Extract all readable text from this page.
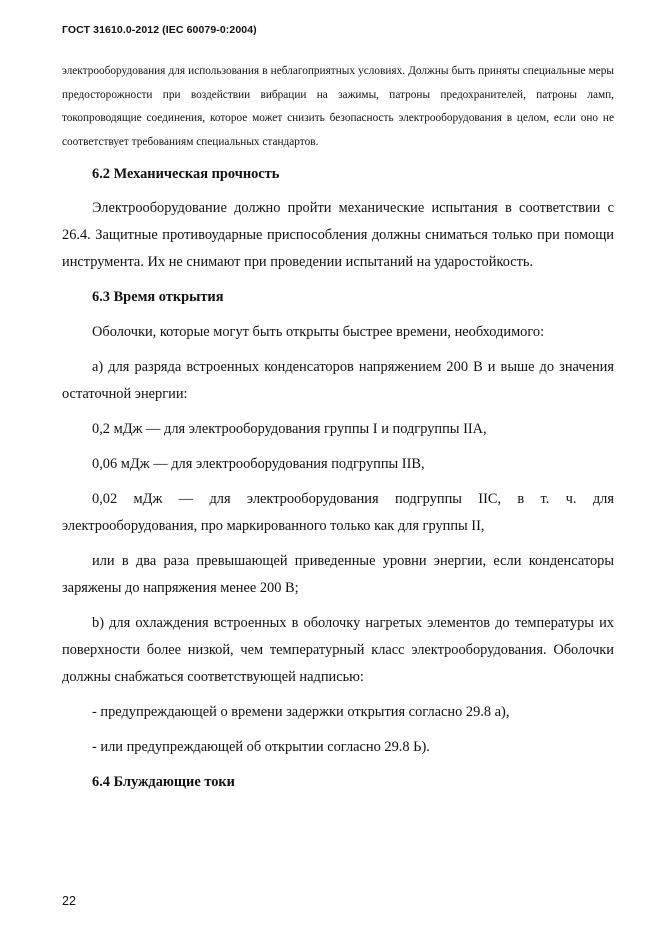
ГОСТ 31610.0-2012 (IEC 60079-0:2004)

электрооборудования для использования в неблагоприятных условиях. Должны быть приняты специальные меры предосторожности при воздействии вибрации на зажимы, патроны предохранителей, патроны ламп, токопроводящие соединения, которое может снизить безопасность электрооборудования в целом, если оно не соответствует требованиям специальных стандартов.

6.2 Механическая прочность

Электрооборудование должно пройти механические испытания в соответствии с 26.4. Защитные противоударные приспособления должны сниматься только при помощи инструмента. Их не снимают при проведении испытаний на ударостойкость.

6.3 Время открытия

Оболочки, которые могут быть открыты быстрее времени, необходимого:

а) для разряда встроенных конденсаторов напряжением 200 В и выше до значения остаточной энергии:

0,2 мДж — для электрооборудования группы I и подгруппы IIA,

0,06 мДж — для электрооборудования подгруппы IIB,

0,02 мДж — для электрооборудования подгруппы IIC, в т. ч. для электрооборудования, про маркированного только как для группы II,

или в два раза превышающей приведенные уровни энергии, если конденсаторы заряжены до напряжения менее 200 В;

b) для охлаждения встроенных в оболочку нагретых элементов до температуры их поверхности более низкой, чем температурный класс электрооборудования. Оболочки должны снабжаться соответствующей надписью:

- предупреждающей о времени задержки открытия согласно 29.8 а),

- или предупреждающей об открытии согласно 29.8 Ь).

6.4 Блуждающие токи

22
